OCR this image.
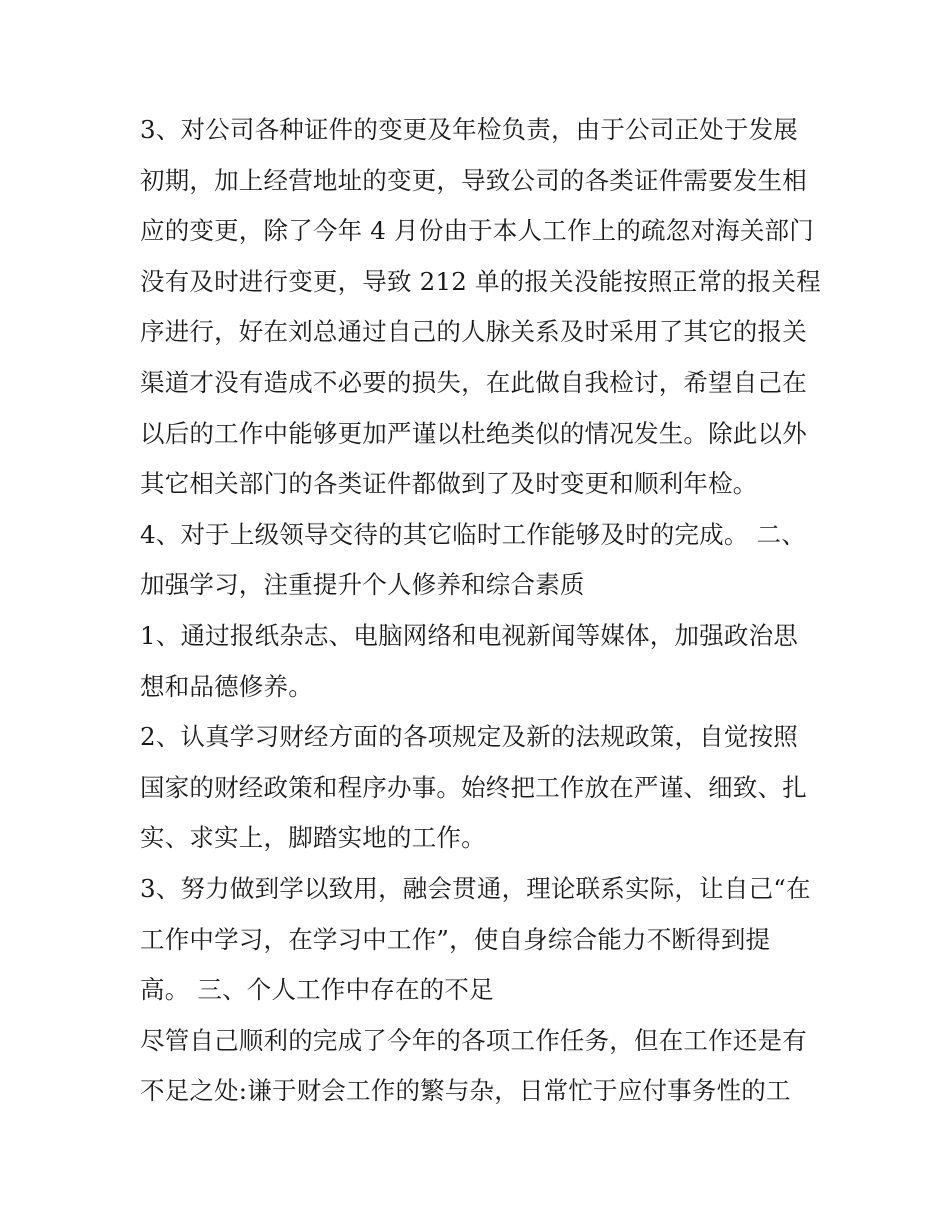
3、对公司各种证件的变更及年检负责，由于公司正处于发展
初期，加上经营地址的变更，导致公司的各类证件需要发生相
应的变更，除了今年 4 月份由于本人工作上的疏忽对海关部门
没有及时进行变更，导致 212 单的报关没能按照正常的报关程
序进行，好在刘总通过自己的人脉关系及时采用了其它的报关
渠道才没有造成不必要的损失，在此做自我检讨，希望自己在
以后的工作中能够更加严谨以杜绝类似的情况发生。除此以外
其它相关部门的各类证件都做到了及时变更和顺利年检。
4、对于上级领导交待的其它临时工作能够及时的完成。 二、
加强学习，注重提升个人修养和综合素质
1、通过报纸杂志、电脑网络和电视新闻等媒体，加强政治思
想和品德修养。
2、认真学习财经方面的各项规定及新的法规政策，自觉按照
国家的财经政策和程序办事。始终把工作放在严谨、细致、扎
实、求实上，脚踏实地的工作。
3、努力做到学以致用，融会贯通，理论联系实际，让自己“在
工作中学习，在学习中工作”，使自身综合能力不断得到提
高。 三、个人工作中存在的不足
尽管自己顺利的完成了今年的各项工作任务，但在工作还是有
不足之处:谦于财会工作的繁与杂，日常忙于应付事务性的工
